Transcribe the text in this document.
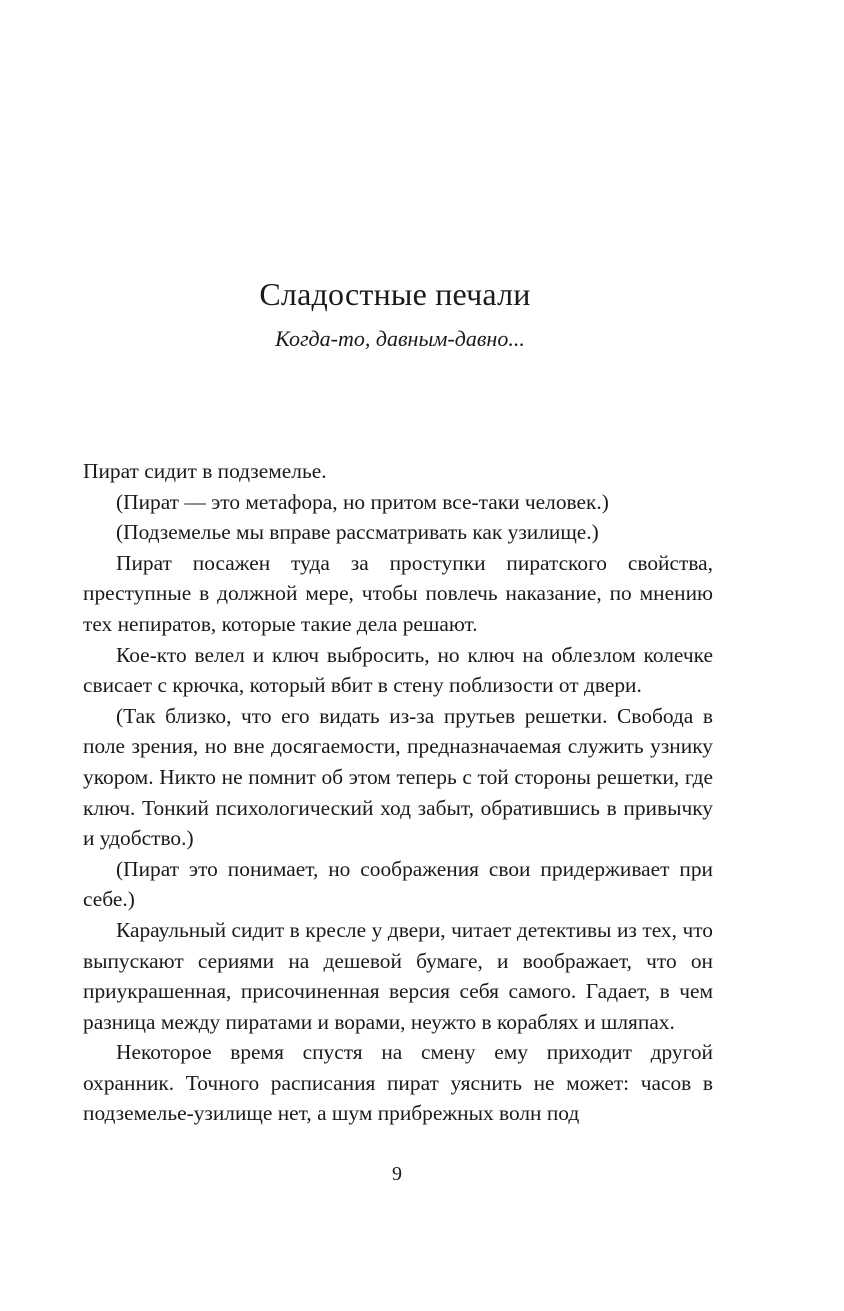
Сладостные печали
Когда-то, давным-давно...

Пират сидит в подземелье.

(Пират — это метафора, но притом все-таки человек.)

(Подземелье мы вправе рассматривать как узилище.)

Пират посажен туда за проступки пиратского свойства, преступные в должной мере, чтобы повлечь наказание, по мнению тех непиратов, которые такие дела решают.

Кое-кто велел и ключ выбросить, но ключ на облезлом колечке свисает с крючка, который вбит в стену поблизости от двери.

(Так близко, что его видать из-за прутьев решетки. Свобода в поле зрения, но вне досягаемости, предназначаемая служить узнику укором. Никто не помнит об этом теперь с той стороны решетки, где ключ. Тонкий психологический ход забыт, обратившись в привычку и удобство.)

(Пират это понимает, но соображения свои придерживает при себе.)

Караульный сидит в кресле у двери, читает детективы из тех, что выпускают сериями на дешевой бумаге, и воображает, что он приукрашенная, присочиненная версия себя самого. Гадает, в чем разница между пиратами и ворами, неужто в кораблях и шляпах.

Некоторое время спустя на смену ему приходит другой охранник. Точного расписания пират уяснить не может: часов в подземелье-узилище нет, а шум прибрежных волн под

9
